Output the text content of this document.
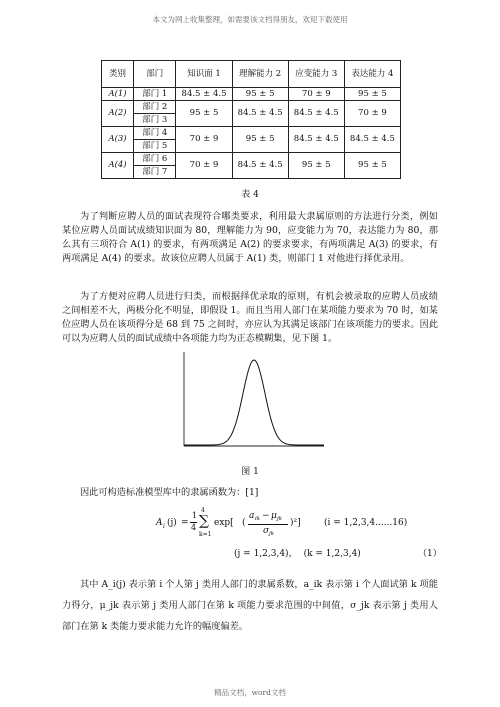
本文为网上收集整理，如需要该文档得朋友，欢迎下载使用
类别	部门	知识面 1	理解能力 2	应变能力 3	表达能力 4
A(1)	部门 1	84.5 ± 4.5	95 ± 5	70 ± 9	95 ± 5
A(2)	部门 2	95 ± 5	84.5 ± 4.5	84.5 ± 4.5	70 ± 9
	部门 3				
A(3)	部门 4	70 ± 9	95 ± 5	84.5 ± 4.5	84.5 ± 4.5
	部门 5				
A(4)	部门 6	70 ± 9	84.5 ± 4.5	95 ± 5	95 ± 5
	部门 7				
表 4

为了判断应聘人员的面试表现符合哪类要求，利用最大隶属原则的方法进行分类，例如某位应聘人员面试成绩知识面为 80，理解能力为 90，应变能力为 70，表达能力为 80，那么其有三项符合 A(1) 的要求，有两项满足 A(2) 的要求要求，有两项满足 A(3) 的要求，有两项满足 A(4) 的要求。故该位应聘人员属于 A(1) 类，则部门 1 对他进行择优录用。

为了方便对应聘人员进行归类，而根据择优录取的原则，有机会被录取的应聘人员成绩之间相差不大，两极分化不明显，即假设 1。而且当用人部门在某项能力要求为 70 时，如某位应聘人员在该项得分是 68 到 75 之间时，亦应认为其满足该部门在该项能力的要求。因此可以为应聘人员的面试成绩中各项能力均为正态模糊集，见下图 1。

图 1

因此可构造标准模型库中的隶属函数为：[1]

A i (j) =
1
4
4
∑
k=1
exp[ (
a ik − μ jk
σ jk
)²]	(i = 1,2,3,4......16)
(j = 1,2,3,4)， (k = 1,2,3,4)	（1）

其中 A_i(j) 表示第 i 个人第 j 类用人部门的隶属系数，a_ik 表示第 i 个人面试第 k 项能力得分，μ_jk 表示第 j 类用人部门在第 k 项能力要求范围的中间值，σ_jk 表示第 j 类用人部门在第 k 类能力要求能力允许的幅度偏差。

精品文档，word文档
